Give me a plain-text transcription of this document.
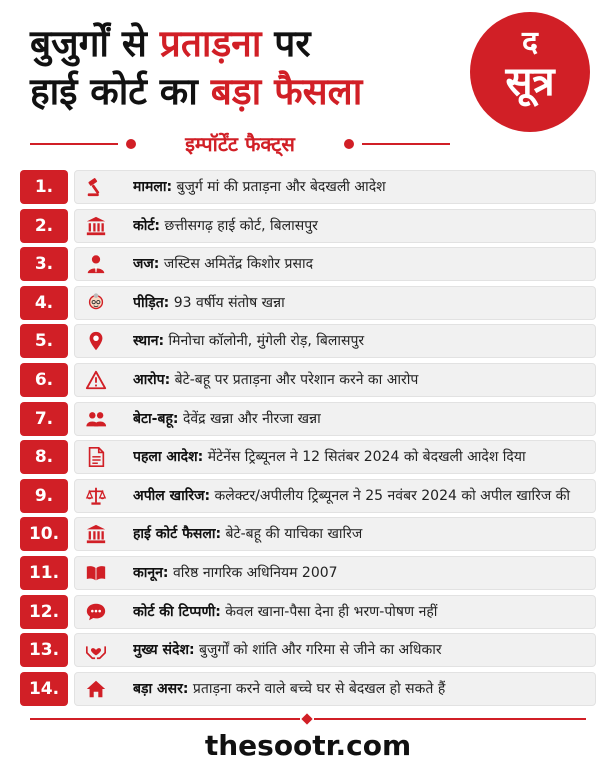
बुजुर्गों से प्रताड़ना पर
हाई कोर्ट का बड़ा फैसला
द
सूत्र
इम्पॉर्टेंट फैक्ट्स
1.	मामला: बुजुर्ग मां की प्रताड़ना और बेदखली आदेश
2.	कोर्ट: छत्तीसगढ़ हाई कोर्ट, बिलासपुर
3.	जज: जस्टिस अमितेंद्र किशोर प्रसाद
4.	पीड़ित: 93 वर्षीय संतोष खन्ना
5.	स्थान: मिनोचा कॉलोनी, मुंगेली रोड़, बिलासपुर
6.	आरोप: बेटे-बहू पर प्रताड़ना और परेशान करने का आरोप
7.	बेटा-बहू: देवेंद्र खन्ना और नीरजा खन्ना
8.	पहला आदेश: मेंटेनेंस ट्रिब्यूनल ने 12 सितंबर 2024 को बेदखली आदेश दिया
9.	अपील खारिज: कलेक्टर/अपीलीय ट्रिब्यूनल ने 25 नवंबर 2024 को अपील खारिज की
10.	हाई कोर्ट फैसला: बेटे-बहू की याचिका खारिज
11.	कानून: वरिष्ठ नागरिक अधिनियम 2007
12.	कोर्ट की टिप्पणी: केवल खाना-पैसा देना ही भरण-पोषण नहीं
13.	मुख्य संदेश: बुजुर्गों को शांति और गरिमा से जीने का अधिकार
14.	बड़ा असर: प्रताड़ना करने वाले बच्चे घर से बेदखल हो सकते हैं
thesootr.com
